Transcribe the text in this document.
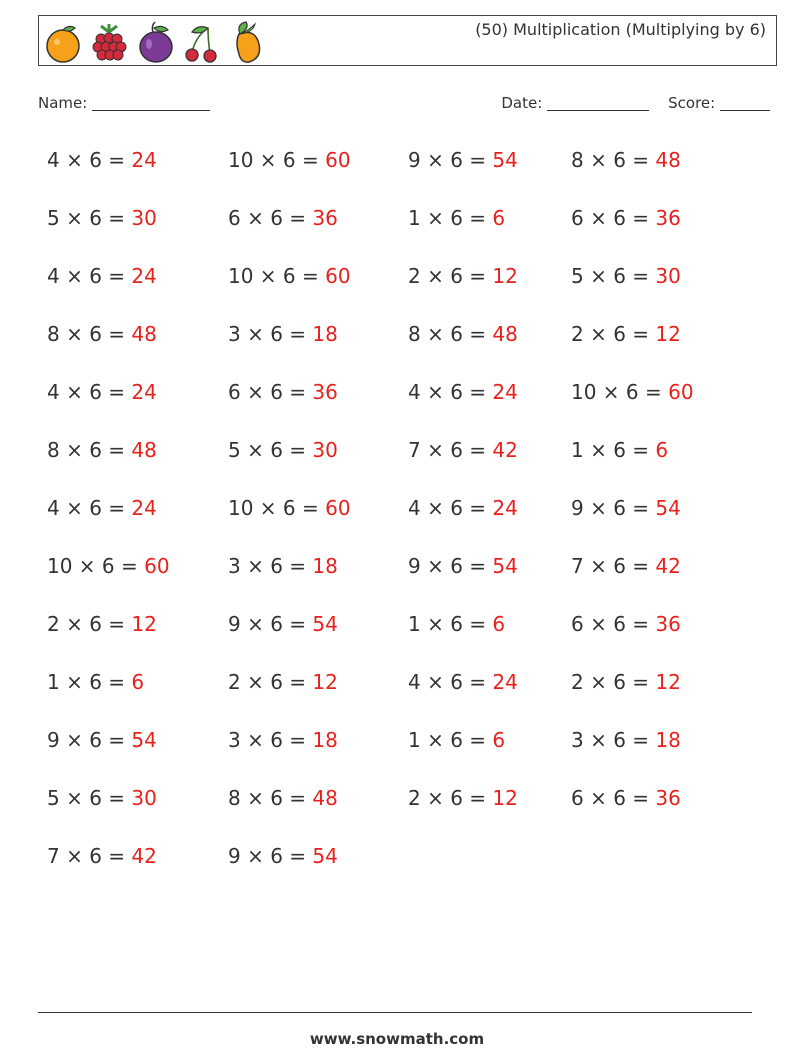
(50) Multiplication (Multiplying by 6)
Name:	Date:	Score:
4 × 6 = 24	10 × 6 = 60	9 × 6 = 54	8 × 6 = 48
5 × 6 = 30	6 × 6 = 36	1 × 6 = 6	6 × 6 = 36
4 × 6 = 24	10 × 6 = 60	2 × 6 = 12	5 × 6 = 30
8 × 6 = 48	3 × 6 = 18	8 × 6 = 48	2 × 6 = 12
4 × 6 = 24	6 × 6 = 36	4 × 6 = 24	10 × 6 = 60
8 × 6 = 48	5 × 6 = 30	7 × 6 = 42	1 × 6 = 6
4 × 6 = 24	10 × 6 = 60	4 × 6 = 24	9 × 6 = 54
10 × 6 = 60	3 × 6 = 18	9 × 6 = 54	7 × 6 = 42
2 × 6 = 12	9 × 6 = 54	1 × 6 = 6	6 × 6 = 36
1 × 6 = 6	2 × 6 = 12	4 × 6 = 24	2 × 6 = 12
9 × 6 = 54	3 × 6 = 18	1 × 6 = 6	3 × 6 = 18
5 × 6 = 30	8 × 6 = 48	2 × 6 = 12	6 × 6 = 36
7 × 6 = 42	9 × 6 = 54
www.snowmath.com
